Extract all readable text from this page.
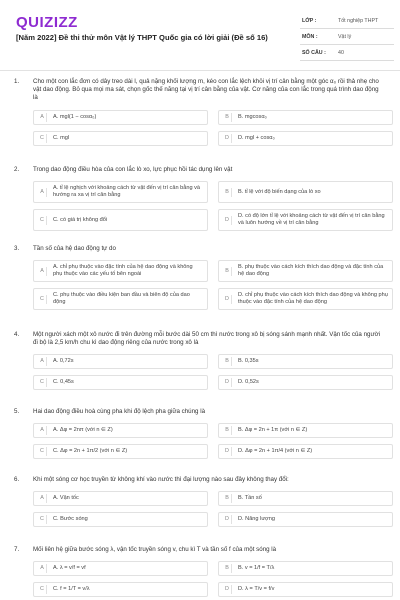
QUIZIZZ
[Năm 2022] Đề thi thử môn Vật lý THPT Quốc gia có lời giải (Đề số 16)
LỚP :	Tốt nghiệp THPT
MÔN :	Vật lý
SỐ CÂU :	40
1. Cho một con lắc đơn có dây treo dài l, quả nặng khối lượng m, kéo con lắc lệch khỏi vị trí cân bằng một góc α₀ rồi thả nhẹ cho vật dao động. Bỏ qua mọi ma sát, chọn gốc thế năng tại vị trí cân bằng của vật. Cơ năng của con lắc trong quá trình dao động là
A	A. mgl(1 − cosα₀)	B	B. mgcosα₀
C	C. mgl	D	D. mgl + cosα₀
2. Trong dao động điều hòa của con lắc lò xo, lực phục hồi tác dụng lên vật
A
A. tỉ lệ nghịch với khoảng cách từ vật đến vị trí cân bằng và hướng ra xa vị trí cân bằng
B	B. tỉ lệ với độ biến dạng của lò xo
C	C. có giá trị không đổi	D
D. có độ lớn tỉ lệ với khoảng cách từ vật đến vị trí cân bằng và luôn hướng về vị trí cân bằng
3. Tần số của hệ dao động tự do
A
A. chỉ phụ thuộc vào đặc tính của hệ dao động và không phụ thuộc vào các yếu tố bên ngoài
B
B. phụ thuộc vào cách kích thích dao động và đặc tính của hệ dao động
C
C. phụ thuộc vào điều kiện ban đầu và biên độ của dao động
D
D. chỉ phụ thuộc vào cách kích thích dao động và không phụ thuộc vào đặc tính của hệ dao động
4. Một người xách một xô nước đi trên đường mỗi bước dài 50 cm thì nước trong xô bị sóng sánh mạnh nhất. Vận tốc của người đi bộ là 2,5 km/h chu kì dao động riêng của nước trong xô là
A	A. 0,72s	B	B. 0,35s
C	C. 0,45s	D	D. 0,52s
5. Hai dao động điều hoà cùng pha khi độ lệch pha giữa chúng là
A	A. Δφ = 2nπ (với n ∈ Z)	B	B. Δφ = 2n + 1π (với n ∈ Z)
C	C. Δφ = 2n + 1π/2 (với n ∈ Z)	D	D. Δφ = 2n + 1π/4 (với n ∈ Z)
6. Khi một sóng cơ học truyền từ không khí vào nước thì đại lượng nào sau đây không thay đổi:
A	A. Vận tốc	B	B. Tần số
C	C. Bước sóng	D	D. Năng lượng
7. Mối liên hệ giữa bước sóng λ, vận tốc truyền sóng v, chu kì T và tần số f của một sóng là
A	A. λ = v/f = vf	B	B. v = 1/f = T/λ
C	C. f = 1/T = v/λ	D	D. λ = T/v = f/v
